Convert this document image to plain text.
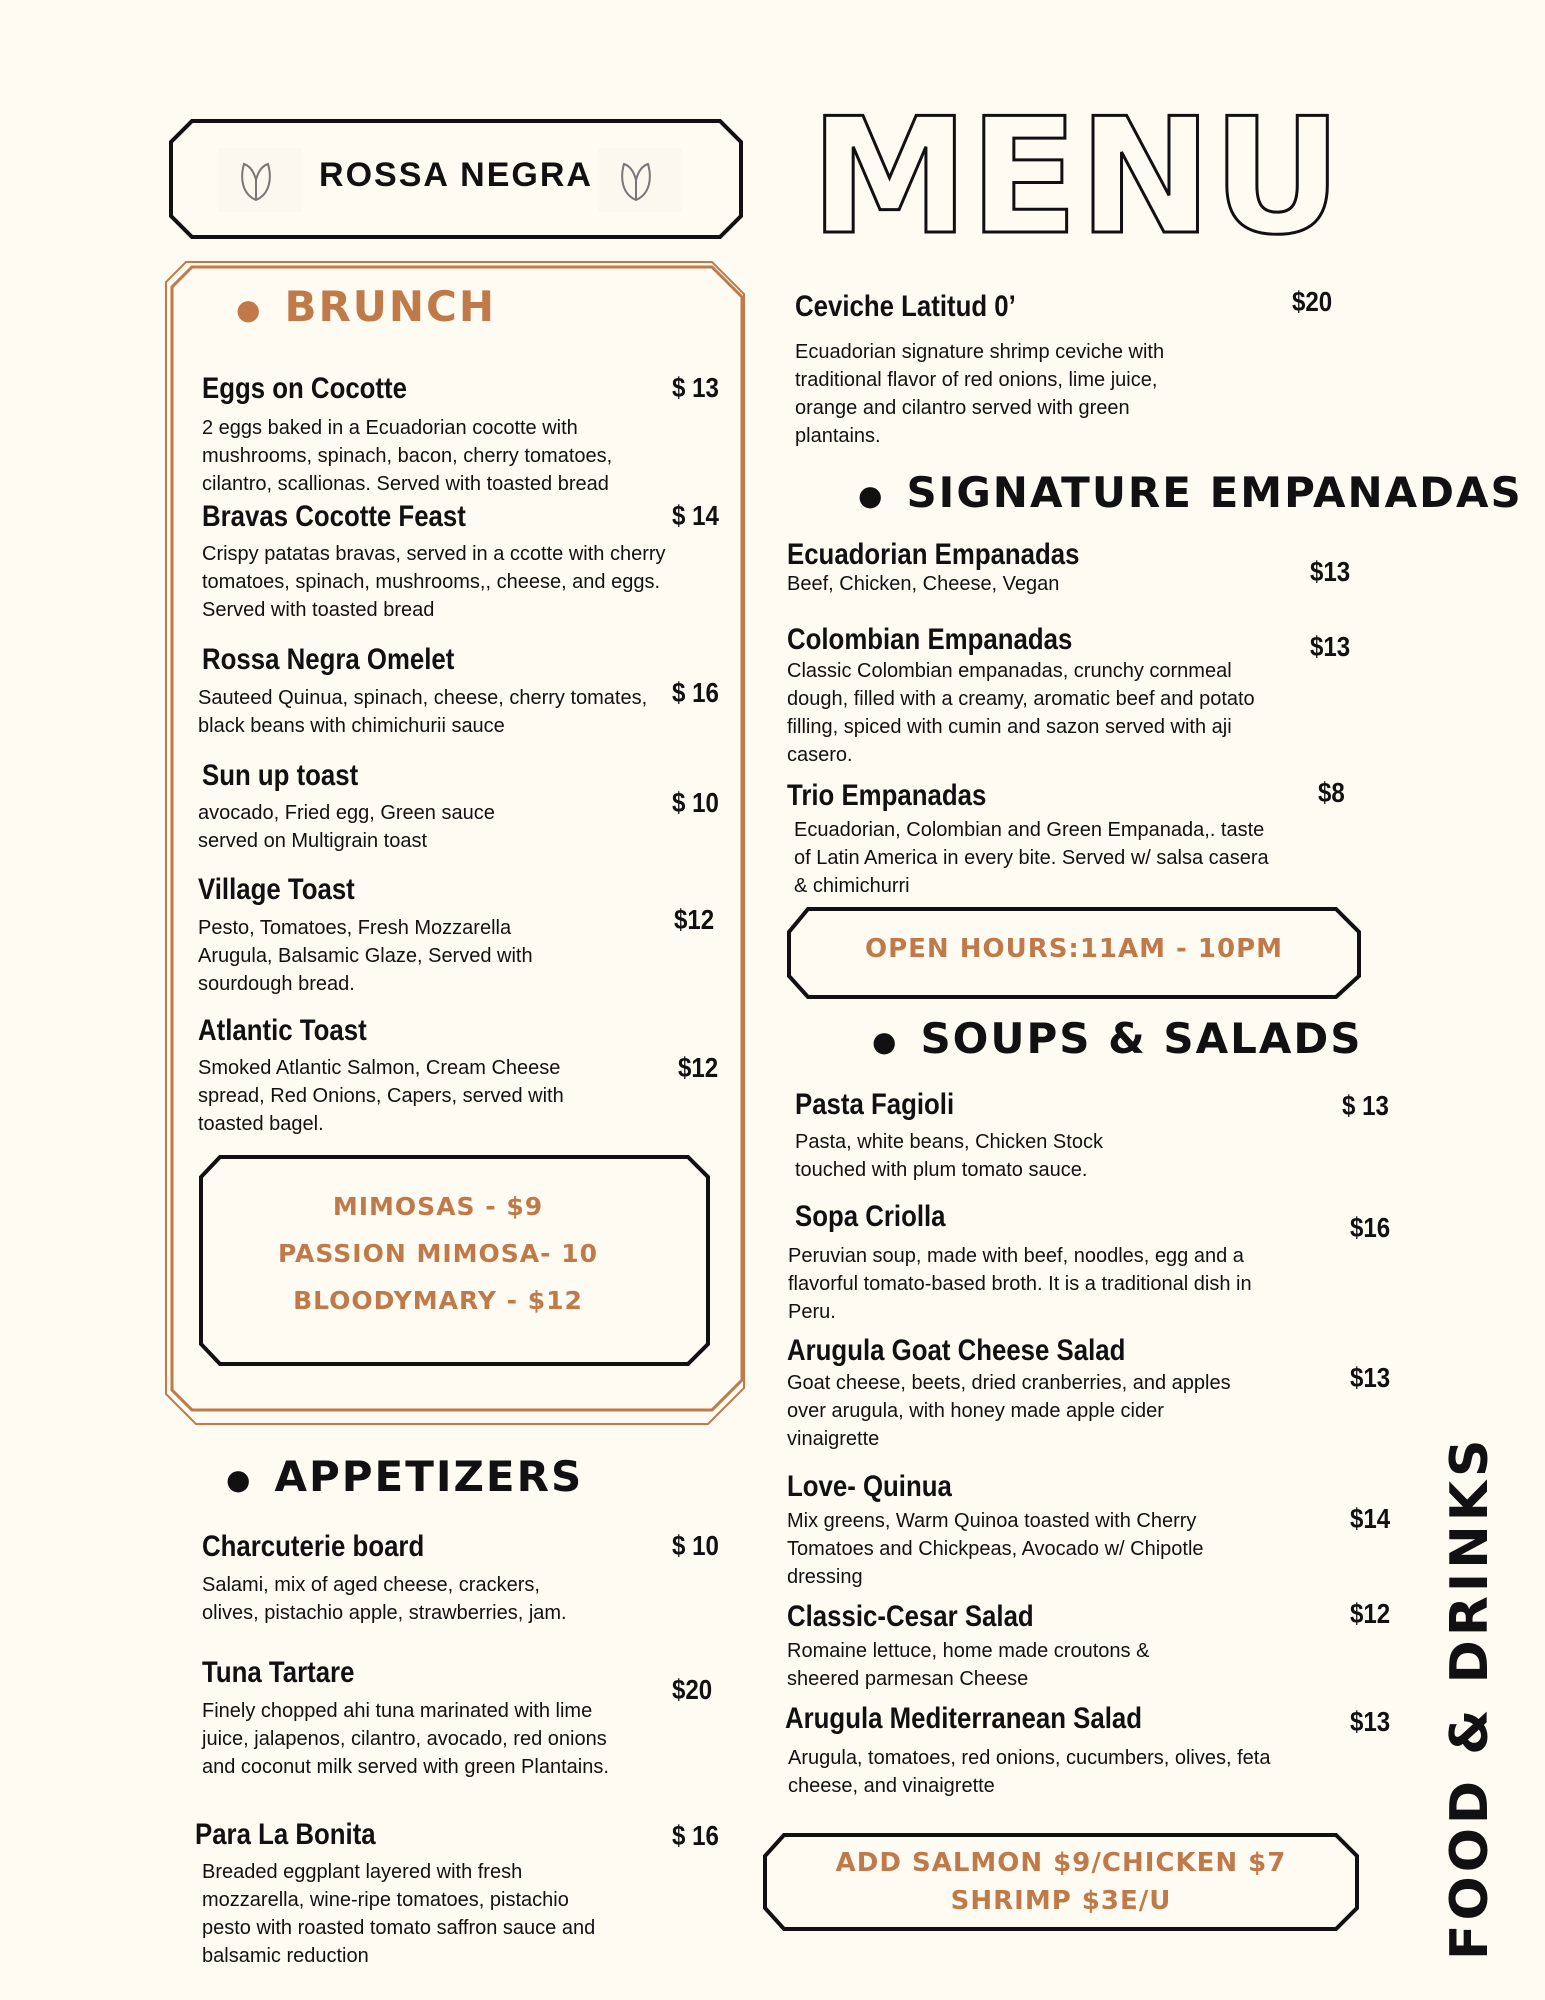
ROSSA NEGRA	MENU
● BRUNCH
Eggs on Cocotte	$ 13
2 eggs baked in a Ecuadorian cocotte with mushrooms, spinach, bacon, cherry tomatoes, cilantro, scallionas. Served with toasted bread
Bravas Cocotte Feast	$ 14
Crispy patatas bravas, served in a ccotte with cherry tomatoes, spinach, mushrooms,, cheese, and eggs. Served with toasted bread
Rossa Negra Omelet
$ 16
Sauteed Quinua, spinach, cheese, cherry tomates, black beans with chimichurii sauce
Sun up toast
$ 10
avocado, Fried egg, Green sauce served on Multigrain toast
Village Toast
$12
Pesto, Tomatoes, Fresh Mozzarella Arugula, Balsamic Glaze, Served with sourdough bread.
Atlantic Toast
$12
Smoked Atlantic Salmon, Cream Cheese spread, Red Onions, Capers, served with toasted bagel.
MIMOSAS - $9
PASSION MIMOSA- 10
BLOODYMARY - $12
● APPETIZERS
Charcuterie board	$ 10
Salami, mix of aged cheese, crackers, olives, pistachio apple, strawberries, jam.
Tuna Tartare
$20
Finely chopped ahi tuna marinated with lime juice, jalapenos, cilantro, avocado, red onions and coconut milk served with green Plantains.
Para La Bonita	$ 16
Breaded eggplant layered with fresh mozzarella, wine-ripe tomatoes, pistachio pesto with roasted tomato saffron sauce and balsamic reduction
Ceviche Latitud 0’	$20
Ecuadorian signature shrimp ceviche with traditional flavor of red onions, lime juice, orange and cilantro served with green plantains.
● SIGNATURE EMPANADAS
Ecuadorian Empanadas
$13
Beef, Chicken, Cheese, Vegan
Colombian Empanadas	$13
Classic Colombian empanadas, crunchy cornmeal dough, filled with a creamy, aromatic beef and potato filling, spiced with cumin and sazon served with aji casero.
Trio Empanadas	$8
Ecuadorian, Colombian and Green Empanada,. taste of Latin America in every bite. Served w/ salsa casera & chimichurri
OPEN HOURS:11AM - 10PM
● SOUPS & SALADS
Pasta Fagioli	$ 13
Pasta, white beans, Chicken Stock touched with plum tomato sauce.
Sopa Criolla	$16
Peruvian soup, made with beef, noodles, egg and a flavorful tomato-based broth. It is a traditional dish in Peru.
Arugula Goat Cheese Salad
$13
Goat cheese, beets, dried cranberries, and apples over arugula, with honey made apple cider vinaigrette
Love- Quinua
$14
Mix greens, Warm Quinoa toasted with Cherry Tomatoes and Chickpeas, Avocado w/ Chipotle dressing
Classic-Cesar Salad	$12
Romaine lettuce, home made croutons & sheered parmesan Cheese
Arugula Mediterranean Salad	$13
Arugula, tomatoes, red onions, cucumbers, olives, feta cheese, and vinaigrette
ADD SALMON $9/CHICKEN $7
SHRIMP $3E/U	FOOD & DRINKS
